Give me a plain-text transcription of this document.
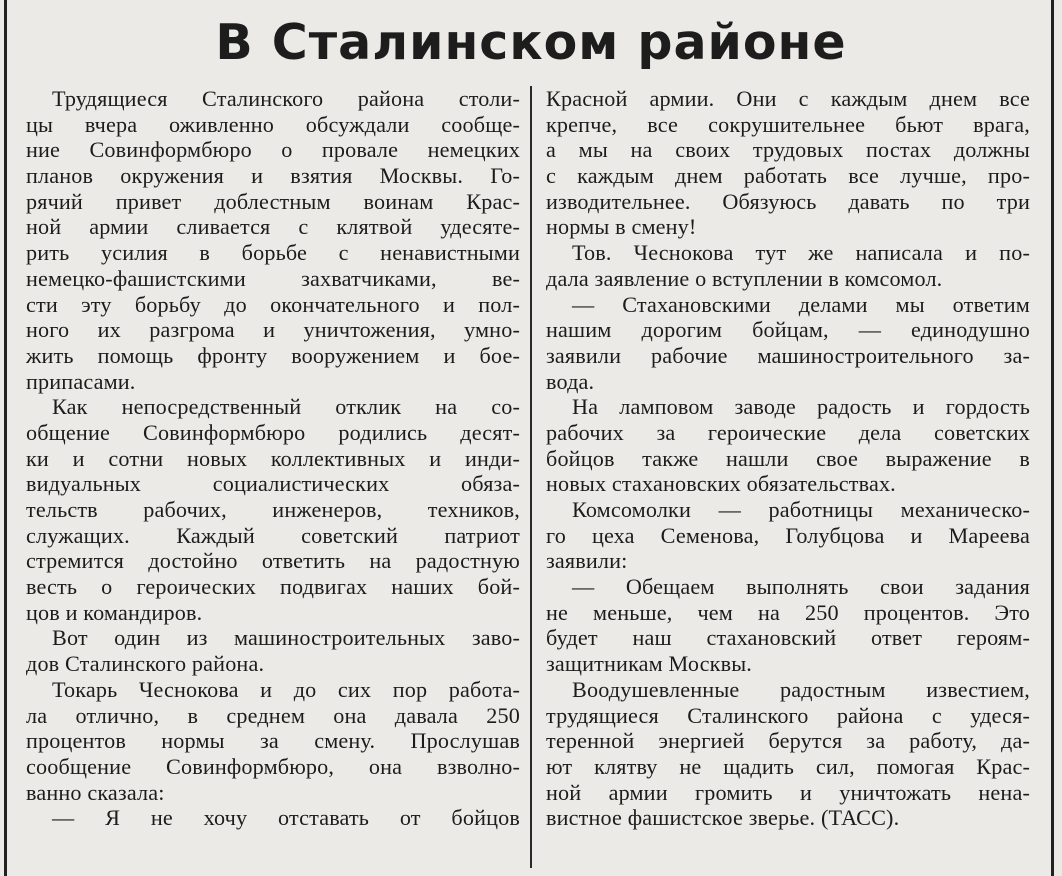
В Сталинском районе
Трудящиеся Сталинского района столи-
цы вчера оживленно обсуждали сообще-
ние Совинформбюро о провале немецких
планов окружения и взятия Москвы. Го-
рячий привет доблестным воинам Крас-
ной армии сливается с клятвой удесяте-
рить усилия в борьбе с ненавистными
немецко-фашистскими захватчиками, ве-
сти эту борьбу до окончательного и пол-
ного их разгрома и уничтожения, умно-
жить помощь фронту вооружением и бое-
припасами.
Как непосредственный отклик на со-
общение Совинформбюро родились десят-
ки и сотни новых коллективных и инди-
видуальных социалистических обяза-
тельств рабочих, инженеров, техников,
служащих. Каждый советский патриот
стремится достойно ответить на радостную
весть о героических подвигах наших бой-
цов и командиров.
Вот один из машиностроительных заво-
дов Сталинского района.
Токарь Чеснокова и до сих пор работа-
ла отлично, в среднем она давала 250
процентов нормы за смену. Прослушав
сообщение Совинформбюро, она взволно-
ванно сказала:
— Я не хочу отставать от бойцов
Красной армии. Они с каждым днем все
крепче, все сокрушительнее бьют врага,
а мы на своих трудовых постах должны
с каждым днем работать все лучше, про-
изводительнее. Обязуюсь давать по три
нормы в смену!
Тов. Чеснокова тут же написала и по-
дала заявление о вступлении в комсомол.
— Стахановскими делами мы ответим
нашим дорогим бойцам, — единодушно
заявили рабочие машиностроительного за-
вода.
На ламповом заводе радость и гордость
рабочих за героические дела советских
бойцов также нашли свое выражение в
новых стахановских обязательствах.
Комсомолки — работницы механическо-
го цеха Семенова, Голубцова и Мареева
заявили:
— Обещаем выполнять свои задания
не меньше, чем на 250 процентов. Это
будет наш стахановский ответ героям-
защитникам Москвы.
Воодушевленные радостным известием,
трудящиеся Сталинского района с удеся-
теренной энергией берутся за работу, да-
ют клятву не щадить сил, помогая Крас-
ной армии громить и уничтожать нена-
вистное фашистское зверье. (ТАСС).
